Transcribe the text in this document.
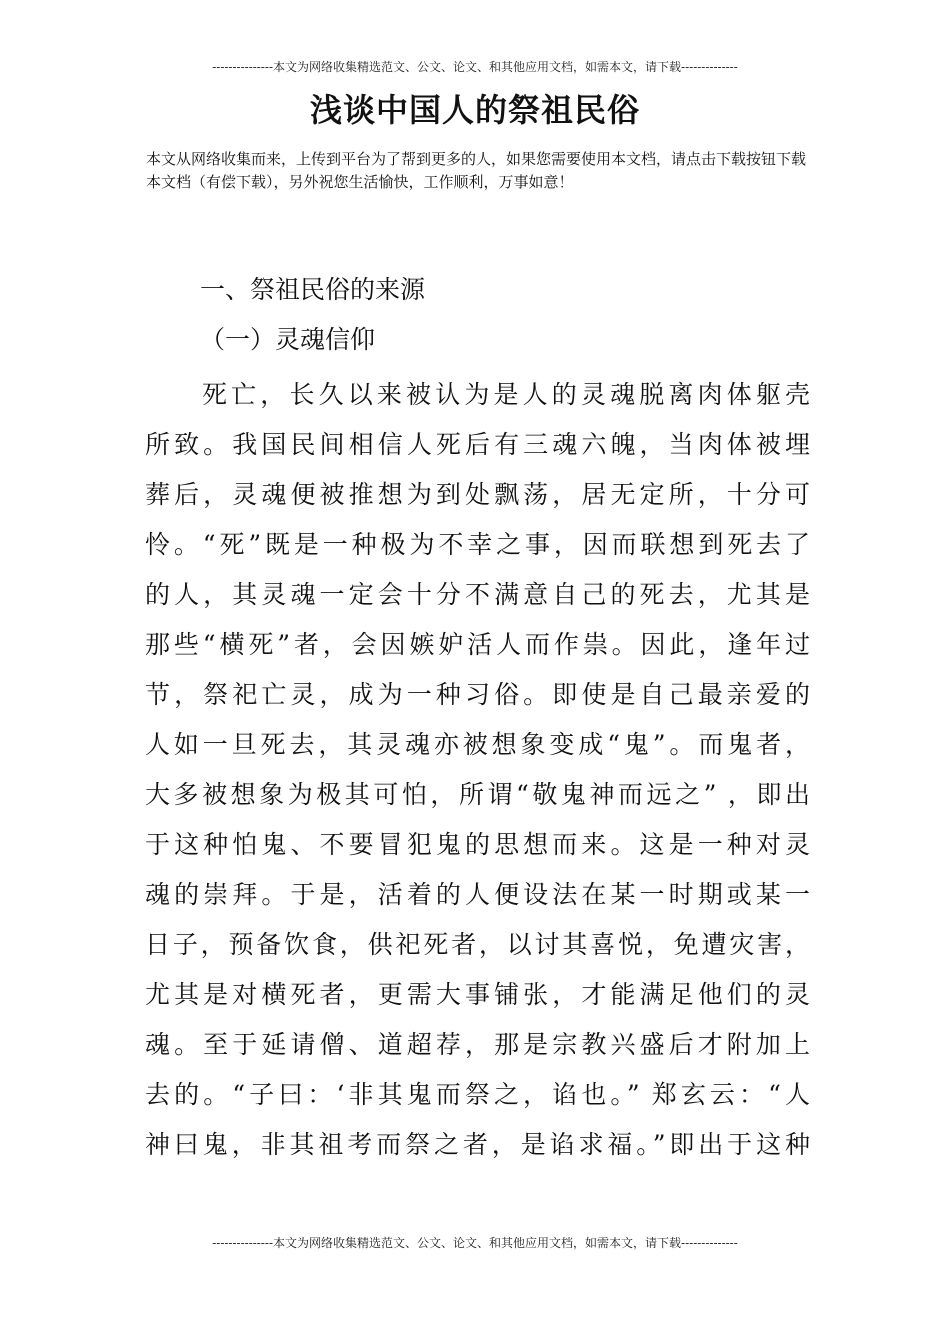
---------------本文为网络收集精选范文、公文、论文、和其他应用文档，如需本文，请下载--------------
浅谈中国人的祭祖民俗

本文从网络收集而来，上传到平台为了帮到更多的人，如果您需要使用本文档，请点击下载按钮下载本文档（有偿下载），另外祝您生活愉快，工作顺利，万事如意！

一、祭祖民俗的来源
（一）灵魂信仰
死亡，长久以来被认为是人的灵魂脱离肉体躯壳
所致。我国民间相信人死后有三魂六魄，当肉体被埋
葬后，灵魂便被推想为到处飘荡，居无定所，十分可
怜。“死”既是一种极为不幸之事，因而联想到死去了
的人，其灵魂一定会十分不满意自己的死去，尤其是
那些“横死”者，会因嫉妒活人而作祟。因此，逢年过
节，祭祀亡灵，成为一种习俗。即使是自己最亲爱的
人如一旦死去，其灵魂亦被想象变成“鬼”。而鬼者，
大多被想象为极其可怕，所谓“敬鬼神而远之” ，即出
于这种怕鬼、不要冒犯鬼的思想而来。这是一种对灵
魂的崇拜。于是，活着的人便设法在某一时期或某一
日子，预备饮食，供祀死者，以讨其喜悦，免遭灾害，
尤其是对横死者，更需大事铺张，才能满足他们的灵
魂。至于延请僧、道超荐，那是宗教兴盛后才附加上
去的。“子曰：‘非其鬼而祭之，谄也。” 郑玄云：“人
神曰鬼，非其祖考而祭之者，是谄求福。”即出于这种
---------------本文为网络收集精选范文、公文、论文、和其他应用文档，如需本文，请下载--------------
